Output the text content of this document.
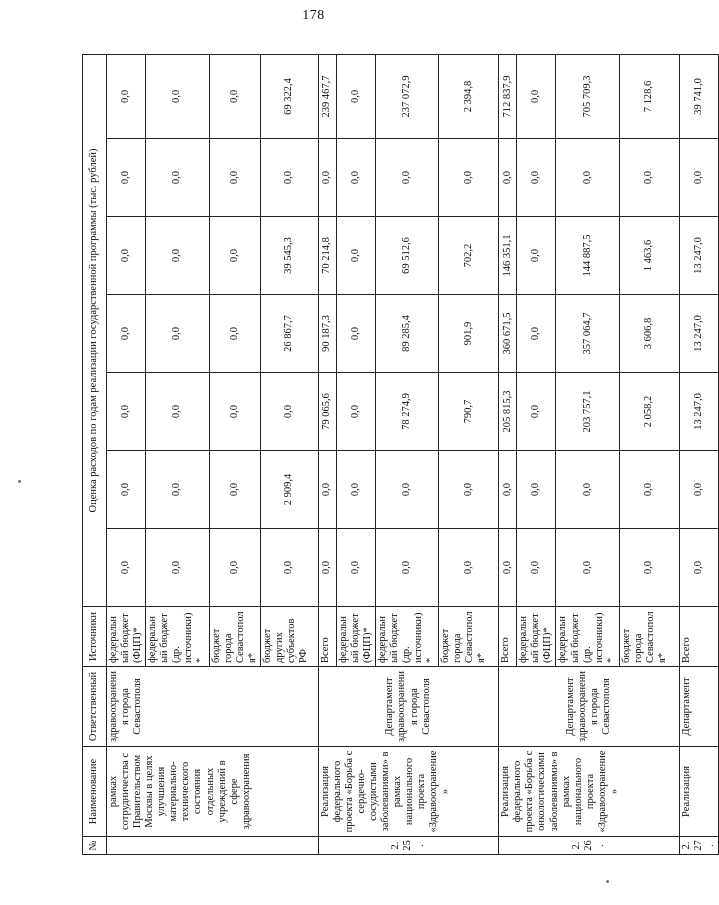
178
№	Наименование	Ответственный	Источники	Оценка расходов по годам реализации государственной программы (тыс. рублей)						
	рамках сотрудничества с Правительством Москвы в целях улучшения материально-технического состояния отдельных учреждений в сфере здравоохранения	здравоохранения города Севастополя	федеральный бюджет (ФЦП)*	0,0	0,0	0,0	0,0	0,0	0,0	0,0
			федеральный бюджет (др. источники)*	0,0	0,0	0,0	0,0	0,0	0,0	0,0
			бюджет города Севастополя*	0,0	0,0	0,0	0,0	0,0	0,0	0,0
			бюджет других субъектов РФ	0,0	2 909,4	0,0	26 867,7	39 545,3	0,0	69 322,4
2.25.	Реализация федерального проекта «Борьба с сердечно-сосудистыми заболеваниями» в рамках национального проекта «Здравоохранение»	Департамент здравоохранения города Севастополя	Всего	0,0	0,0	79 065,6	90 187,3	70 214,8	0,0	239 467,7
			федеральный бюджет (ФЦП)*	0,0	0,0	0,0	0,0	0,0	0,0	0,0
			федеральный бюджет (др. источники)*	0,0	0,0	78 274,9	89 285,4	69 512,6	0,0	237 072,9
			бюджет города Севастополя*	0,0	0,0	790,7	901,9	702,2	0,0	2 394,8
2.26.	Реализация федерального проекта «Борьба с онкологическими заболеваниями» в рамках национального проекта «Здравоохранение»	Департамент здравоохранения города Севастополя	Всего	0,0	0,0	205 815,3	360 671,5	146 351,1	0,0	712 837,9
			федеральный бюджет (ФЦП)*	0,0	0,0	0,0	0,0	0,0	0,0	0,0
			федеральный бюджет (др. источники)*	0,0	0,0	203 757,1	357 064,7	144 887,5	0,0	705 709,3
			бюджет города Севастополя*	0,0	0,0	2 058,2	3 606,8	1 463,6	0,0	7 128,6
2.27.	Реализация	Департамент	Всего	0,0	0,0	13 247,0	13 247,0	13 247,0	0,0	39 741,0
